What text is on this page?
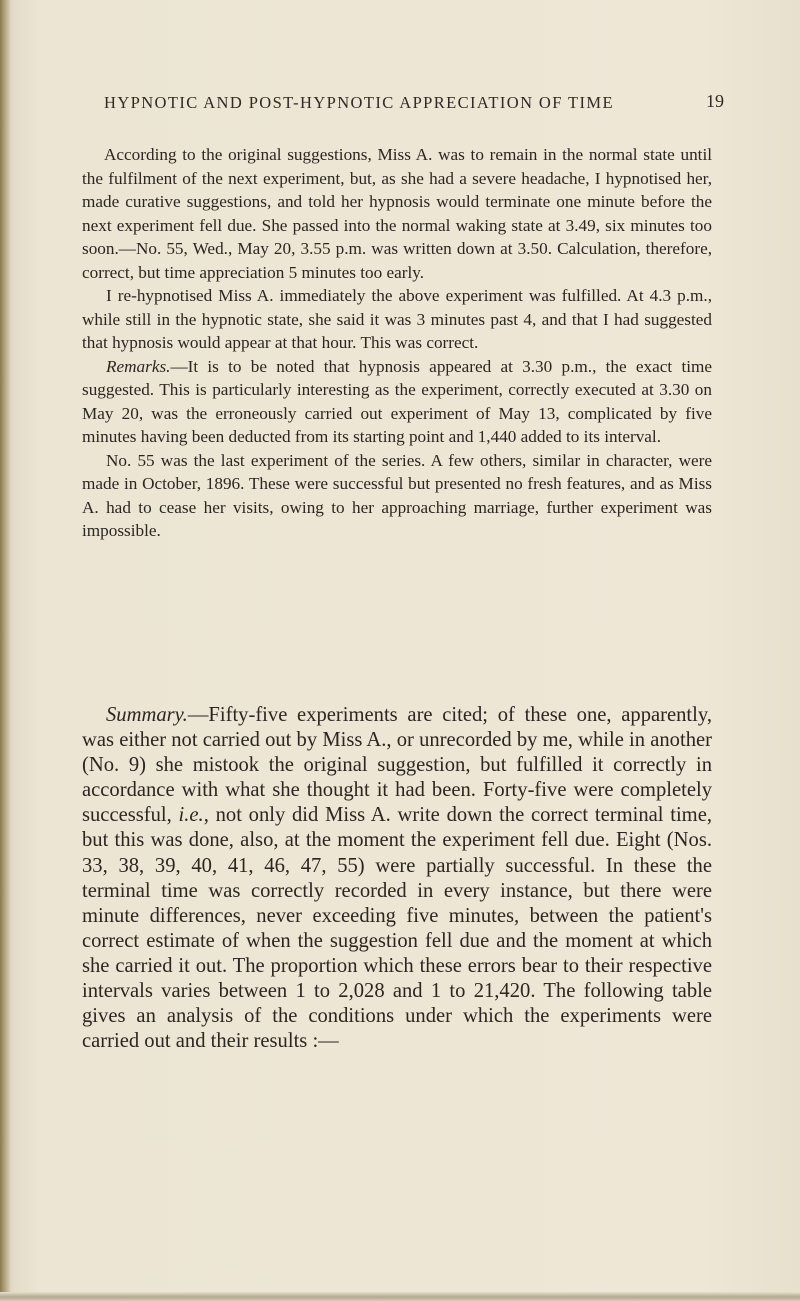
HYPNOTIC AND POST-HYPNOTIC APPRECIATION OF TIME	19

According to the original suggestions, Miss A. was to remain in the normal state until the fulfilment of the next experiment, but, as she had a severe headache, I hypnotised her, made curative suggestions, and told her hypnosis would terminate one minute before the next experiment fell due. She passed into the normal waking state at 3.49, six minutes too soon.—No. 55, Wed., May 20, 3.55 p.m. was written down at 3.50. Calculation, therefore, correct, but time appreciation 5 minutes too early.

I re-hypnotised Miss A. immediately the above experiment was fulfilled. At 4.3 p.m., while still in the hypnotic state, she said it was 3 minutes past 4, and that I had suggested that hypnosis would appear at that hour. This was correct.

Remarks.—It is to be noted that hypnosis appeared at 3.30 p.m., the exact time suggested. This is particularly interesting as the experiment, correctly executed at 3.30 on May 20, was the erroneously carried out experiment of May 13, complicated by five minutes having been deducted from its starting point and 1,440 added to its interval.

No. 55 was the last experiment of the series. A few others, similar in character, were made in October, 1896. These were successful but presented no fresh features, and as Miss A. had to cease her visits, owing to her approaching marriage, further experiment was impossible.

Summary.—Fifty-five experiments are cited; of these one, apparently, was either not carried out by Miss A., or unrecorded by me, while in another (No. 9) she mistook the original suggestion, but fulfilled it correctly in accordance with what she thought it had been. Forty-five were completely successful, i.e., not only did Miss A. write down the correct terminal time, but this was done, also, at the moment the experiment fell due. Eight (Nos. 33, 38, 39, 40, 41, 46, 47, 55) were partially successful. In these the terminal time was correctly recorded in every instance, but there were minute differences, never exceeding five minutes, between the patient's correct estimate of when the suggestion fell due and the moment at which she carried it out. The proportion which these errors bear to their respective intervals varies between 1 to 2,028 and 1 to 21,420. The following table gives an analysis of the conditions under which the experiments were carried out and their results :—
